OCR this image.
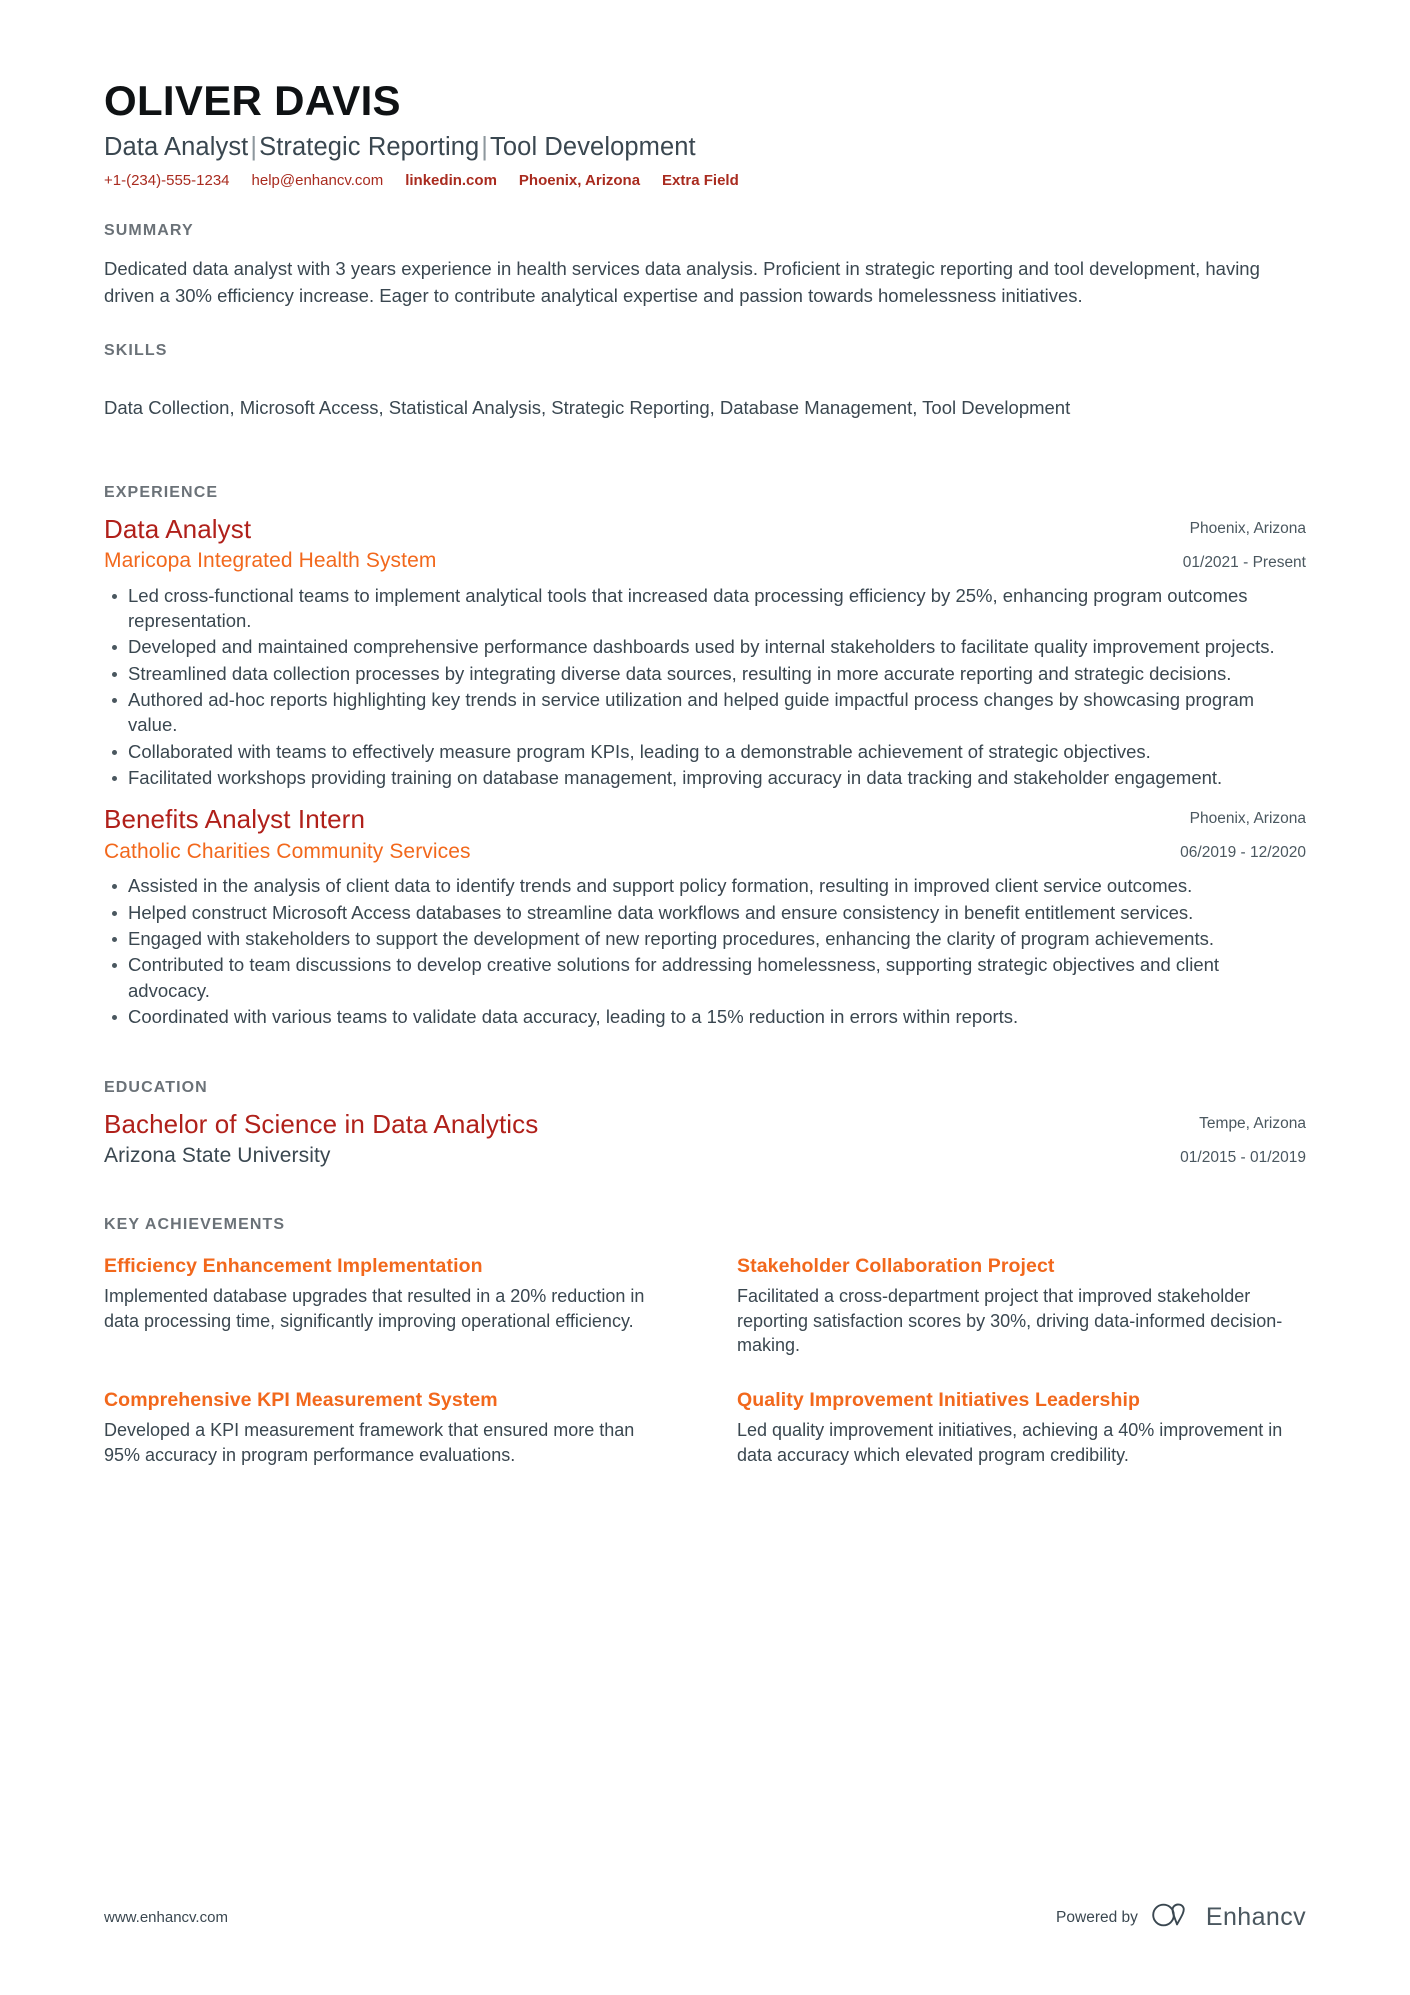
OLIVER DAVIS
Data Analyst|Strategic Reporting|Tool Development
+1-(234)-555-1234 help@enhancv.com linkedin.com Phoenix, Arizona Extra Field
SUMMARY
Dedicated data analyst with 3 years experience in health services data analysis. Proficient in strategic reporting and tool development, having driven a 30% efficiency increase. Eager to contribute analytical expertise and passion towards homelessness initiatives.
SKILLS
Data Collection, Microsoft Access, Statistical Analysis, Strategic Reporting, Database Management, Tool Development
EXPERIENCE
Data Analyst
Maricopa Integrated Health System
Phoenix, Arizona
01/2021 - Present
Led cross-functional teams to implement analytical tools that increased data processing efficiency by 25%, enhancing program outcomes representation.
Developed and maintained comprehensive performance dashboards used by internal stakeholders to facilitate quality improvement projects.
Streamlined data collection processes by integrating diverse data sources, resulting in more accurate reporting and strategic decisions.
Authored ad-hoc reports highlighting key trends in service utilization and helped guide impactful process changes by showcasing program value.
Collaborated with teams to effectively measure program KPIs, leading to a demonstrable achievement of strategic objectives.
Facilitated workshops providing training on database management, improving accuracy in data tracking and stakeholder engagement.
Benefits Analyst Intern
Catholic Charities Community Services
Phoenix, Arizona
06/2019 - 12/2020
Assisted in the analysis of client data to identify trends and support policy formation, resulting in improved client service outcomes.
Helped construct Microsoft Access databases to streamline data workflows and ensure consistency in benefit entitlement services.
Engaged with stakeholders to support the development of new reporting procedures, enhancing the clarity of program achievements.
Contributed to team discussions to develop creative solutions for addressing homelessness, supporting strategic objectives and client advocacy.
Coordinated with various teams to validate data accuracy, leading to a 15% reduction in errors within reports.
EDUCATION
Bachelor of Science in Data Analytics
Arizona State University
Tempe, Arizona
01/2015 - 01/2019
KEY ACHIEVEMENTS
Efficiency Enhancement Implementation
Implemented database upgrades that resulted in a 20% reduction in data processing time, significantly improving operational efficiency.
Stakeholder Collaboration Project
Facilitated a cross-department project that improved stakeholder reporting satisfaction scores by 30%, driving data-informed decision-making.
Comprehensive KPI Measurement System
Developed a KPI measurement framework that ensured more than 95% accuracy in program performance evaluations.
Quality Improvement Initiatives Leadership
Led quality improvement initiatives, achieving a 40% improvement in data accuracy which elevated program credibility.
www.enhancv.com	Powered by	Enhancv
